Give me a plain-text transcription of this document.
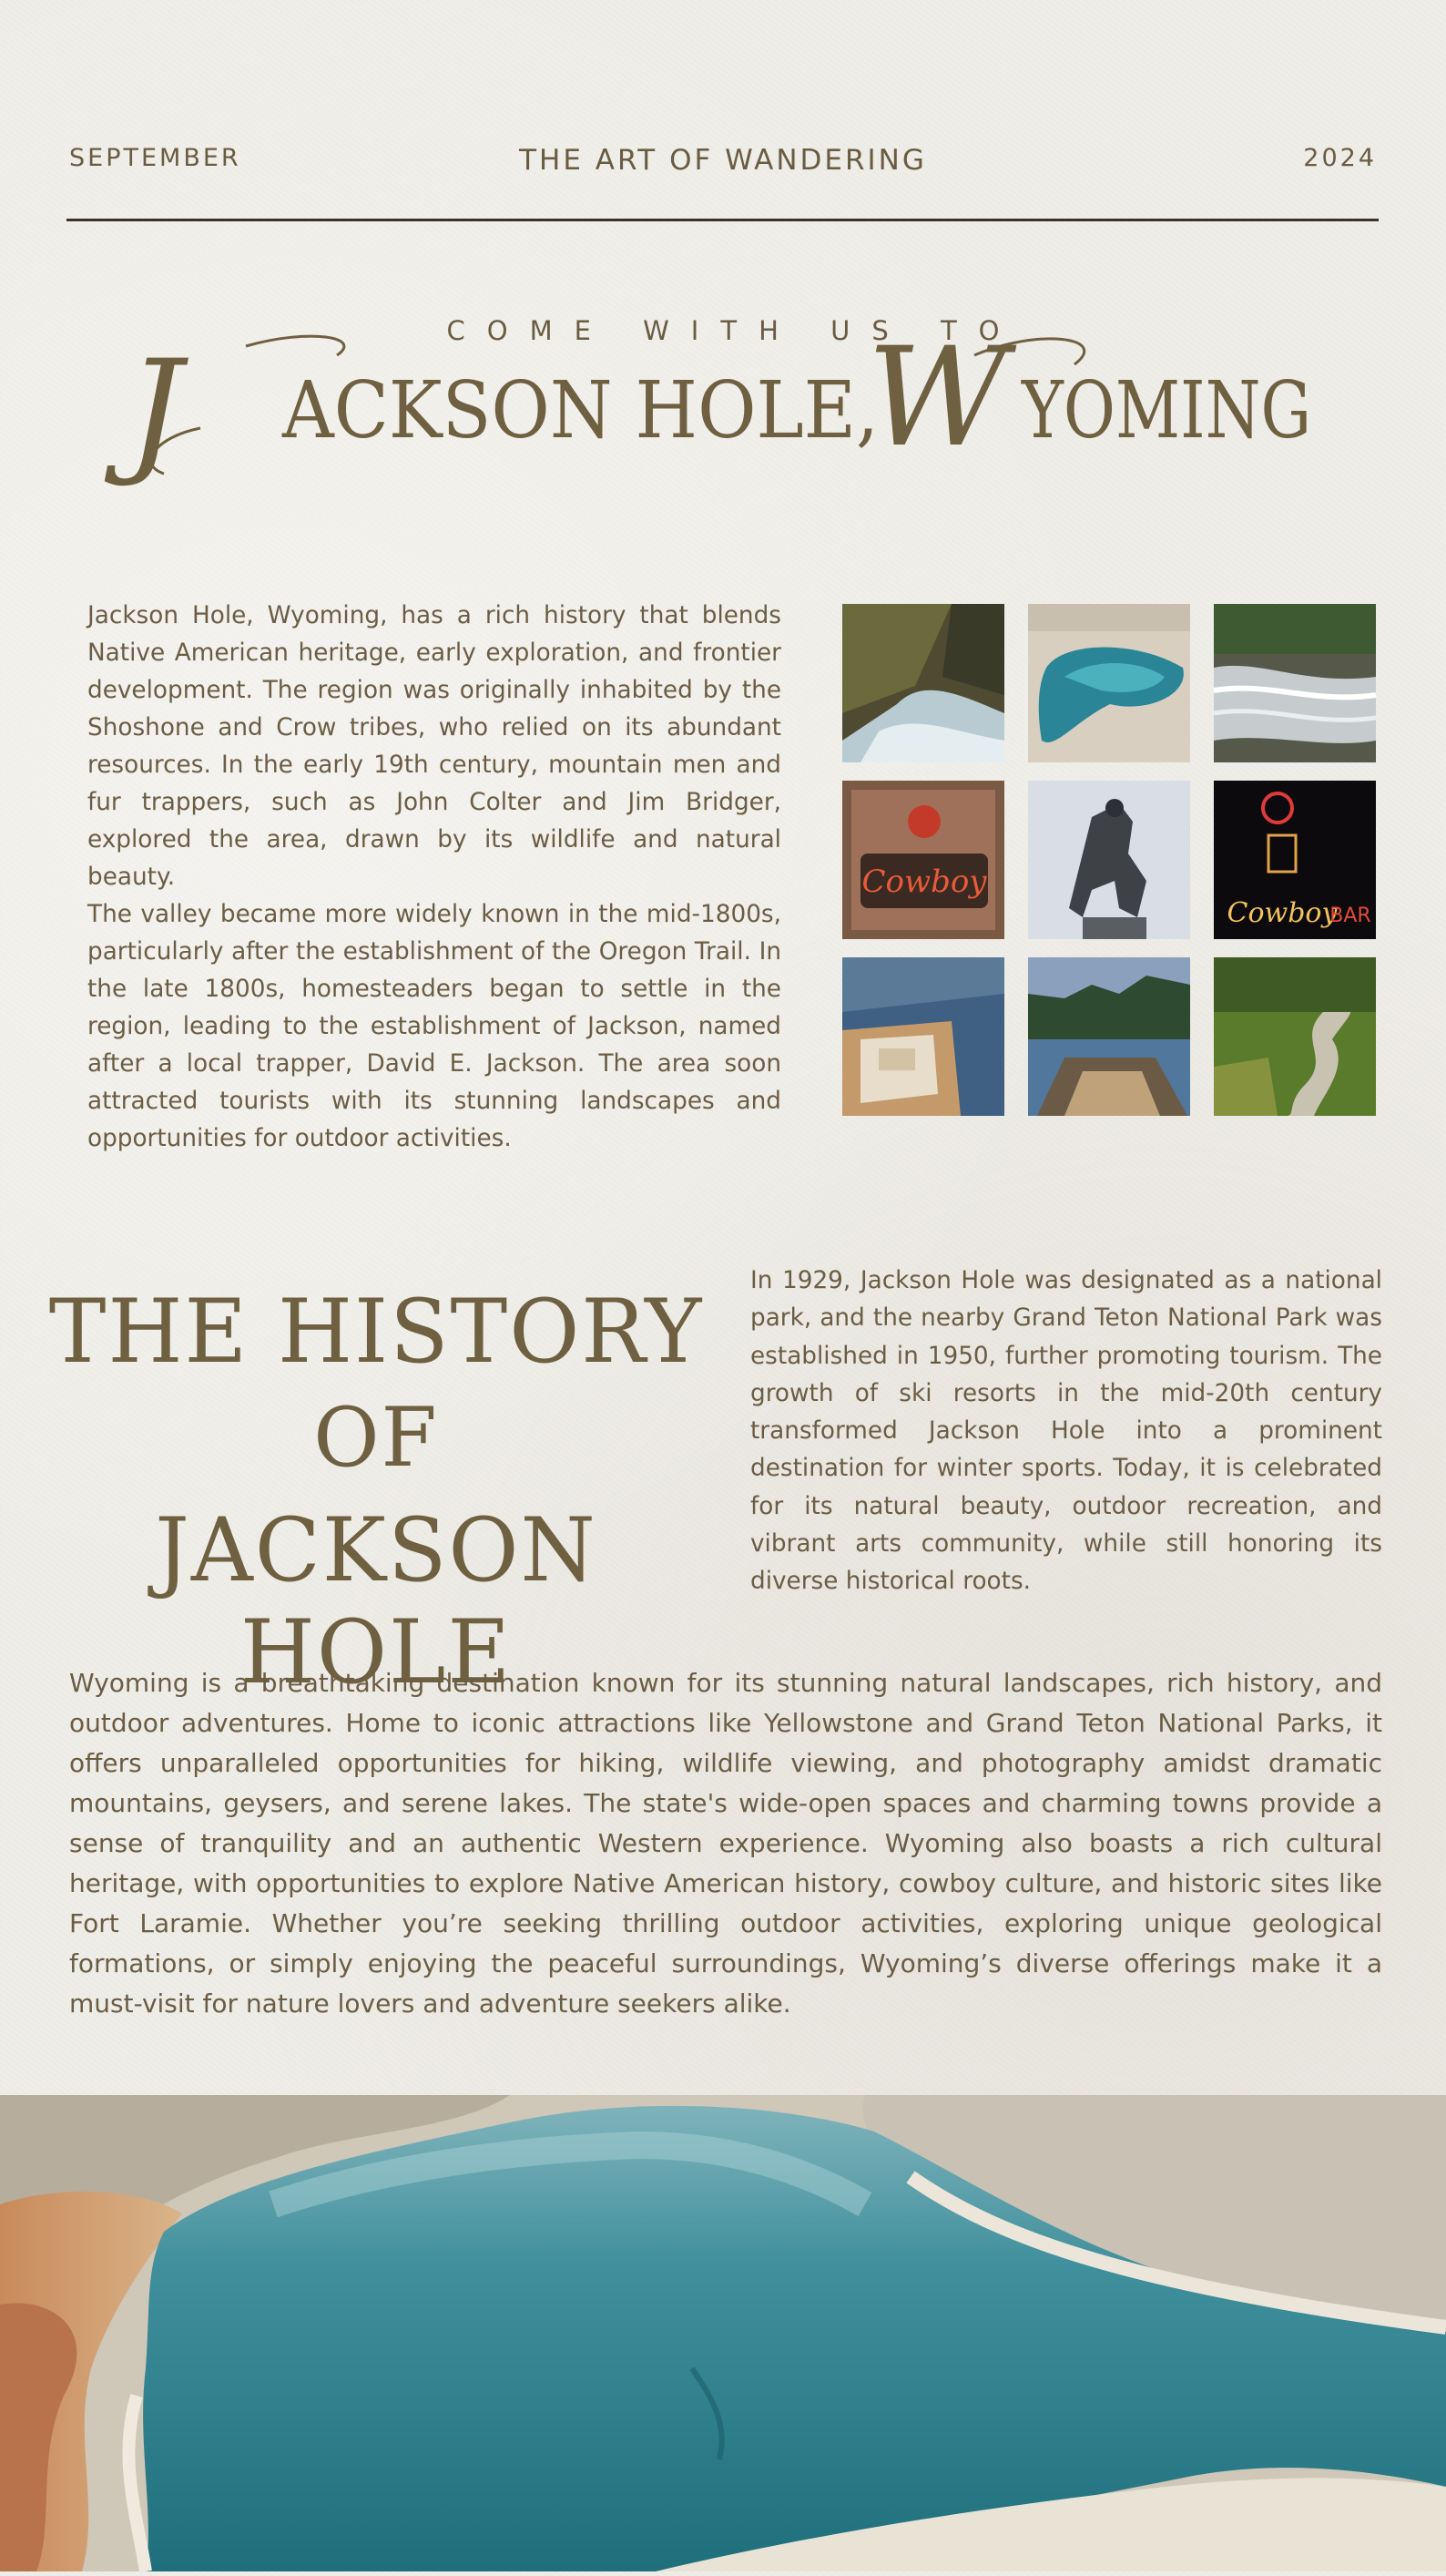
SEPTEMBER	THE ART OF WANDERING	2024
COME WITH US TO
J ACKSON HOLE,
W YOMING

Jackson Hole, Wyoming, has a rich history that blends Native American heritage, early exploration, and frontier development. The region was originally inhabited by the Shoshone and Crow tribes, who relied on its abundant resources. In the early 19th century, mountain men and fur trappers, such as John Colter and Jim Bridger, explored the area, drawn by its wildlife and natural beauty.

The valley became more widely known in the mid-1800s, particularly after the establishment of the Oregon Trail. In the late 1800s, homesteaders began to settle in the region, leading to the establishment of Jackson, named after a local trapper, David E. Jackson. The area soon attracted tourists with its stunning landscapes and opportunities for outdoor activities.

Cowboy
Cowboy
BAR
THE HISTORY
OF
JACKSON HOLE
In 1929, Jackson Hole was designated as a national park, and the nearby Grand Teton National Park was established in 1950, further promoting tourism. The growth of ski resorts in the mid-20th century transformed Jackson Hole into a prominent destination for winter sports. Today, it is celebrated for its natural beauty, outdoor recreation, and vibrant arts community, while still honoring its diverse historical roots.
Wyoming is a breathtaking destination known for its stunning natural landscapes, rich history, and outdoor adventures. Home to iconic attractions like Yellowstone and Grand Teton National Parks, it offers unparalleled opportunities for hiking, wildlife viewing, and photography amidst dramatic mountains, geysers, and serene lakes. The state's wide-open spaces and charming towns provide a sense of tranquility and an authentic Western experience. Wyoming also boasts a rich cultural heritage, with opportunities to explore Native American history, cowboy culture, and historic sites like Fort Laramie. Whether you’re seeking thrilling outdoor activities, exploring unique geological formations, or simply enjoying the peaceful surroundings, Wyoming’s diverse offerings make it a must-visit for nature lovers and adventure seekers alike.
